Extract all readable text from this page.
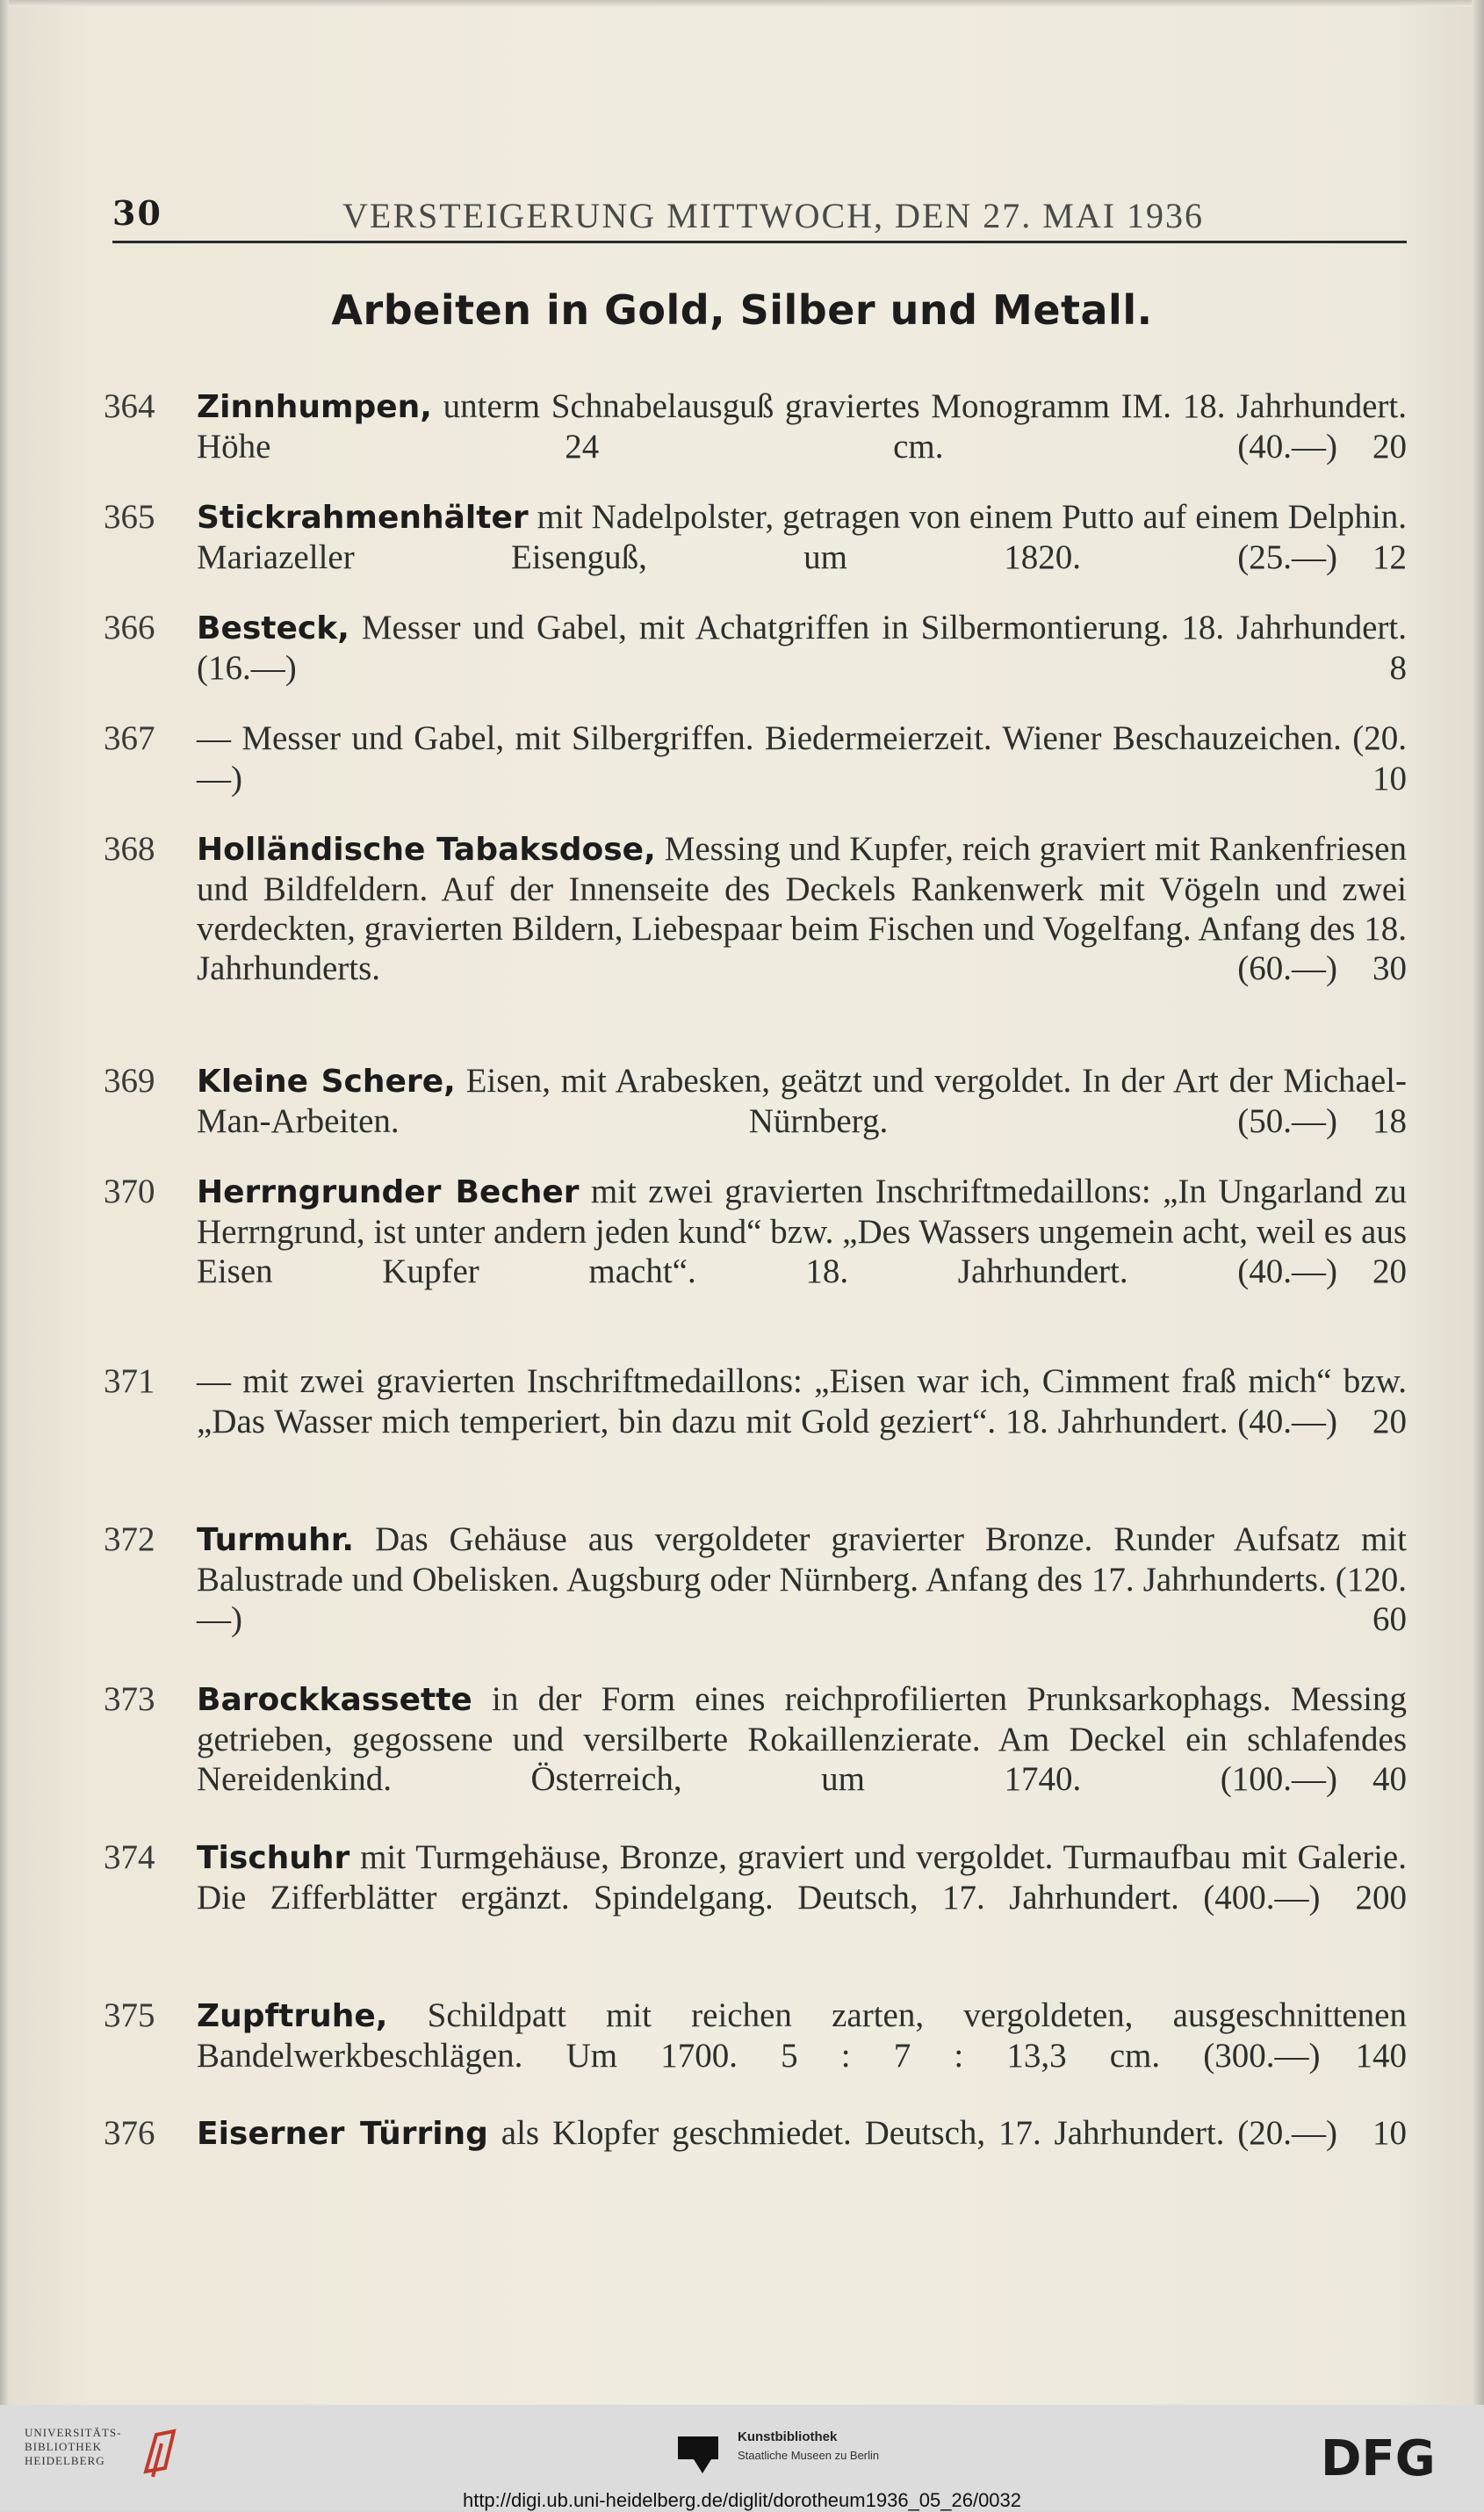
30	VERSTEIGERUNG MITTWOCH, DEN 27. MAI 1936
Arbeiten in Gold, Silber und Metall.
364	Zinnhumpen, unterm Schnabelausguß graviertes Monogramm IM. 18. Jahrhundert. Höhe 24 cm. (40.—) 20
365	Stickrahmenhälter mit Nadelpolster, getragen von einem Putto auf einem Delphin. Mariazeller Eisenguß, um 1820. (25.—) 12
366	Besteck, Messer und Gabel, mit Achatgriffen in Silbermontierung. 18. Jahrhundert. (16.—)	8
367	— Messer und Gabel, mit Silbergriffen. Biedermeierzeit. Wiener Beschauzeichen. (20.—)	10
368	Holländische Tabaksdose, Messing und Kupfer, reich graviert mit Rankenfriesen und Bildfeldern. Auf der Innenseite des Deckels Rankenwerk mit Vögeln und zwei verdeckten, gravierten Bildern, Liebespaar beim Fischen und Vogelfang. Anfang des 18. Jahrhunderts. (60.—) 30
369	Kleine Schere, Eisen, mit Arabesken, geätzt und vergoldet. In der Art der Michael-Man-Arbeiten. Nürnberg. (50.—) 18
370	Herrngrunder Becher mit zwei gravierten Inschriftmedaillons: „In Ungarland zu Herrngrund, ist unter andern jeden kund“ bzw. „Des Wassers ungemein acht, weil es aus Eisen Kupfer macht“. 18. Jahrhundert. (40.—) 20
371	— mit zwei gravierten Inschriftmedaillons: „Eisen war ich, Cimment fraß mich“ bzw. „Das Wasser mich temperiert, bin dazu mit Gold geziert“. 18. Jahrhundert. (40.—) 20
372	Turmuhr. Das Gehäuse aus vergoldeter gravierter Bronze. Runder Aufsatz mit Balustrade und Obelisken. Augsburg oder Nürnberg. Anfang des 17. Jahrhunderts. (120.—)	60
373	Barockkassette in der Form eines reichprofilierten Prunksarkophags. Messing getrieben, gegossene und versilberte Rokaillenzierate. Am Deckel ein schlafendes Nereidenkind. Österreich, um 1740. (100.—) 40
374	Tischuhr mit Turmgehäuse, Bronze, graviert und vergoldet. Turmaufbau mit Galerie. Die Zifferblätter ergänzt. Spindelgang. Deutsch, 17. Jahrhundert. (400.—) 200
375	Zupftruhe, Schildpatt mit reichen zarten, vergoldeten, ausgeschnittenen Bandelwerkbeschlägen. Um 1700. 5 : 7 : 13,3 cm. (300.—) 140
376	Eiserner Türring als Klopfer geschmiedet. Deutsch, 17. Jahrhundert. (20.—) 10
UNIVERSITÄTS-
BIBLIOTHEK
HEIDELBERG
Kunstbibliothek
Staatliche Museen zu Berlin	DFG
http://digi.ub.uni-heidelberg.de/diglit/dorotheum1936_05_26/0032
